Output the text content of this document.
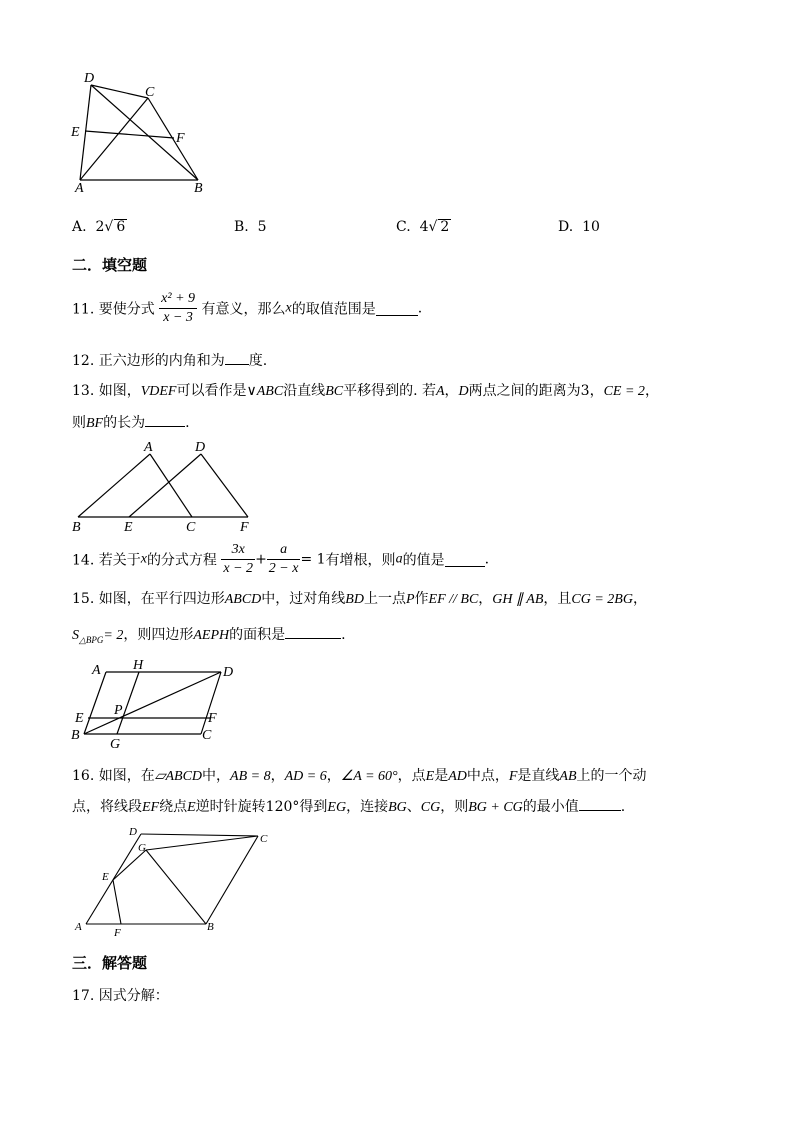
D
C
E	F
A	B
A. 2√ 6	B. 5	C. 4√ 2	D. 10
二．填空题
11. 要使分式 $\frac{\text{x² + 9}}{x - 3}$ 有意义，那么x的取值范围是	.
12. 正六边形的内角和为 度.
13. 如图，VDEF可以看作是∨ABC沿直线BC平移得到的. 若A，D两点之间的距离为3，CE = 2，
则BF的长为	.
A	D
B	E	C	F
14. 若关于x的分式方程 $\frac{3x}{x - 2} + \frac{a}{2 - x} = 1$有增根，则a的值是	.
15. 如图，在平行四边形ABCD中，过对角线BD上一点P作EF // BC，GH ∥ AB，且CG = 2BG，
$S_{\triangle BPG}= 2$，则四边形AEPH的面积是	.
A H	D
E
P
F
B
G
C
16. 如图，在▱ABCD中，AB = 8，AD = 6，∠A = 60°，点E是AD中点，F是直线AB上的一个动
点，将线段EF绕点E逆时针旋转120°得到EG，连接BG、CG，则BG + CG的最小值	.
D
C
G
E
A	F	B
三．解答题
17. 因式分解：
